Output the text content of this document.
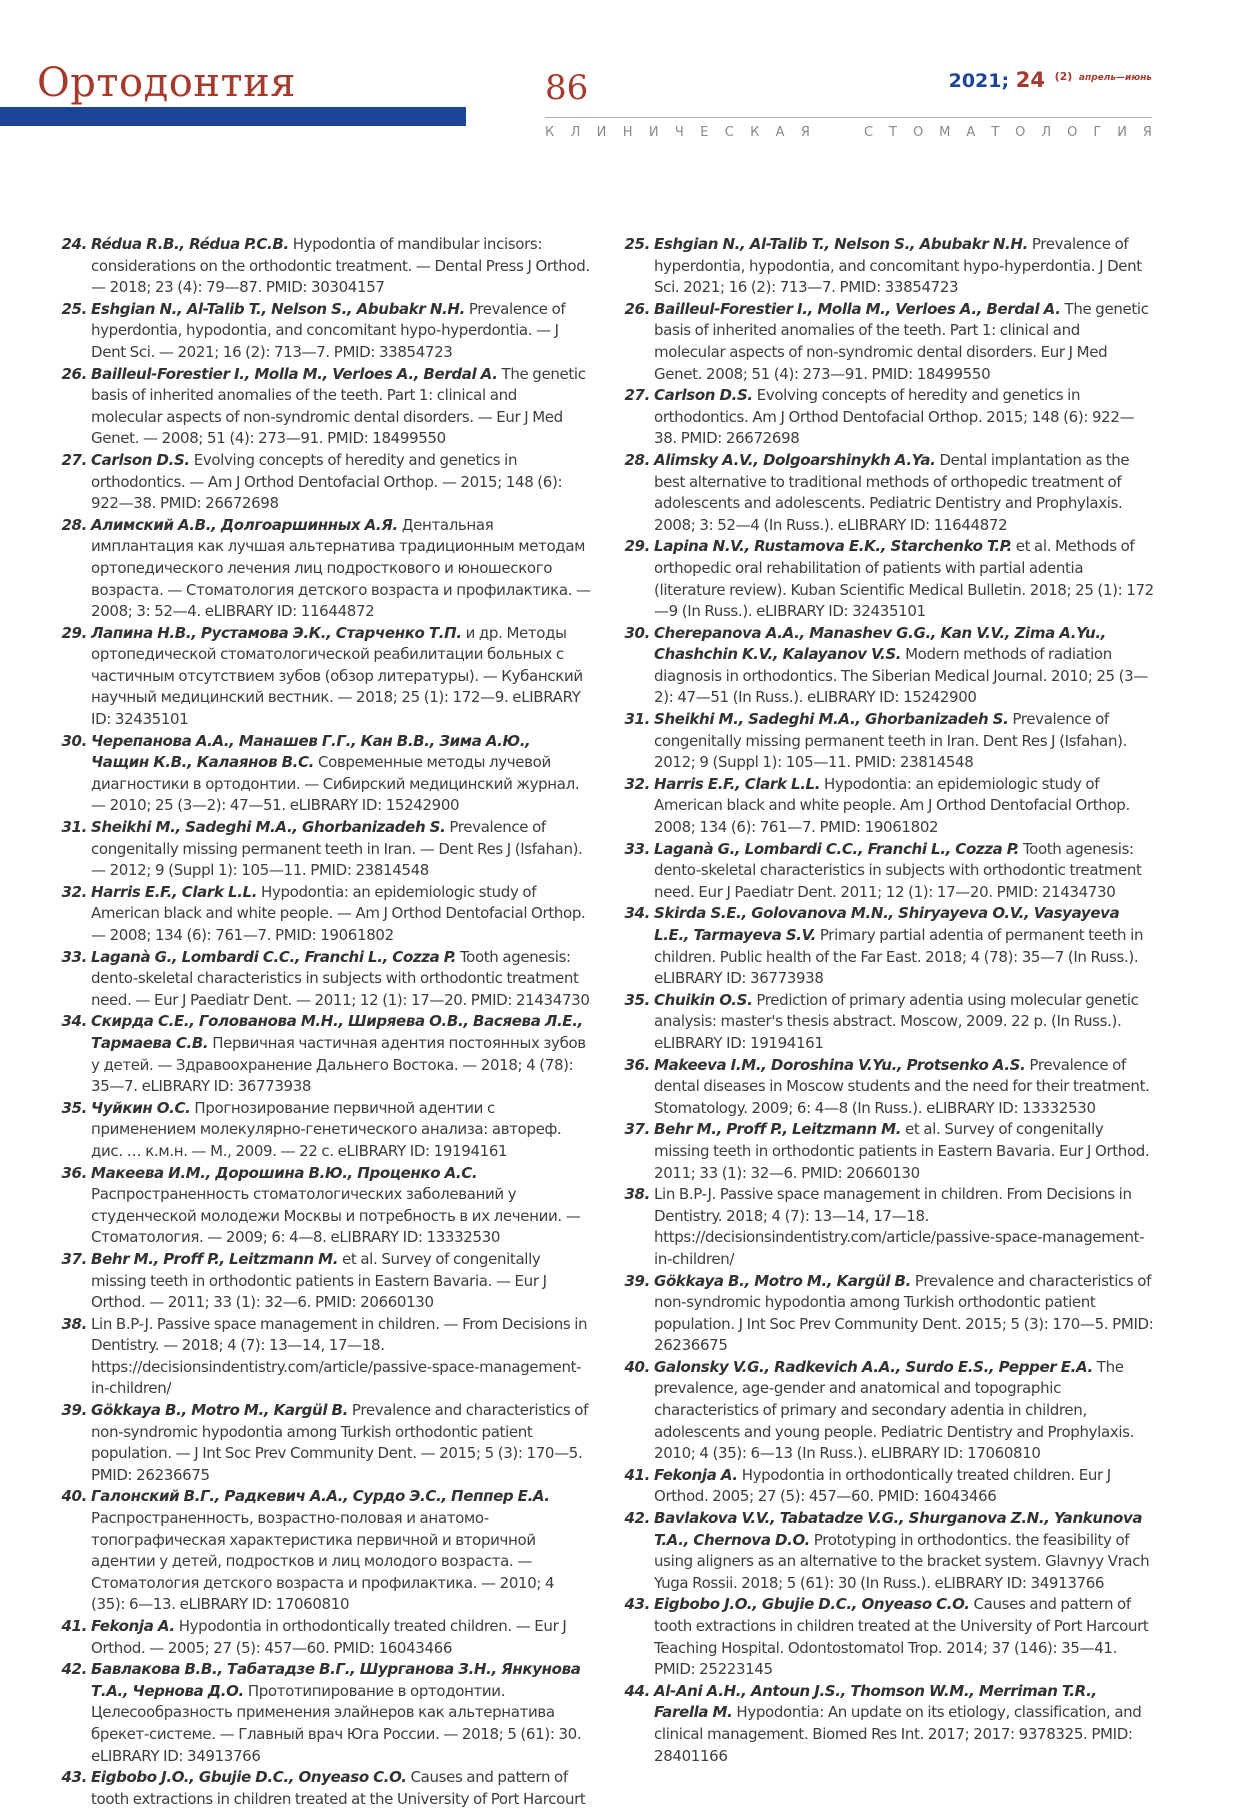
Ортодонтия	86	2021; 24 $^{(2)}$ $^{апрель—июнь}$
К Л И Н И Ч Е С К А Я	С Т О М А Т О Л О Г И Я

24. Rédua R.B., Rédua P.C.B. Hypodontia of mandibular incisors: considerations on the orthodontic treatment. — Dental Press J Orthod. — 2018; 23 (4): 79—87. PMID: 30304157

25. Eshgian N., Al-Talib T., Nelson S., Abubakr N.H. Prevalence of hyperdontia, hypodontia, and concomitant hypo-hyperdontia. — J Dent Sci. — 2021; 16 (2): 713—7. PMID: 33854723

26. Bailleul-Forestier I., Molla M., Verloes A., Berdal A. The genetic basis of inherited anomalies of the teeth. Part 1: clinical and molecular aspects of non-syndromic dental disorders. — Eur J Med Genet. — 2008; 51 (4): 273—91. PMID: 18499550

27. Carlson D.S. Evolving concepts of heredity and genetics in orthodontics. — Am J Orthod Dentofacial Orthop. — 2015; 148 (6): 922—38. PMID: 26672698

28. Алимский А.В., Долгоаршинных А.Я. Дентальная имплантация как лучшая альтернатива традиционным методам ортопедического лечения лиц подросткового и юношеского возраста. — Стоматология детского возраста и профилактика. — 2008; 3: 52—4. eLIBRARY ID: 11644872

29. Лапина Н.В., Рустамова Э.К., Старченко Т.П. и др. Методы ортопедической стоматологической реабилитации больных с частичным отсутствием зубов (обзор литературы). — Кубанский научный медицинский вестник. — 2018; 25 (1): 172—9. eLIBRARY ID: 32435101

30. Черепанова А.А., Манашев Г.Г., Кан В.В., Зима А.Ю., Чащин К.В., Калаянов В.С. Современные методы лучевой диагностики в ортодонтии. — Сибирский медицинский журнал. — 2010; 25 (3—2): 47—51. eLIBRARY ID: 15242900

31. Sheikhi M., Sadeghi M.A., Ghorbanizadeh S. Prevalence of congenitally missing permanent teeth in Iran. — Dent Res J (Isfahan). — 2012; 9 (Suppl 1): 105—11. PMID: 23814548

32. Harris E.F., Clark L.L. Hypodontia: an epidemiologic study of American black and white people. — Am J Orthod Dentofacial Orthop. — 2008; 134 (6): 761—7. PMID: 19061802

33. Laganà G., Lombardi C.C., Franchi L., Cozza P. Tooth agenesis: dento-skeletal characteristics in subjects with orthodontic treatment need. — Eur J Paediatr Dent. — 2011; 12 (1): 17—20. PMID: 21434730

34. Скирда С.Е., Голованова М.Н., Ширяева О.В., Васяева Л.Е., Тармаева С.В. Первичная частичная адентия постоянных зубов у детей. — Здравоохранение Дальнего Востока. — 2018; 4 (78): 35—7. eLIBRARY ID: 36773938

35. Чуйкин О.С. Прогнозирование первичной адентии с применением молекулярно-генетического анализа: автореф. дис. … к.м.н. — М., 2009. — 22 с. eLIBRARY ID: 19194161

36. Макеева И.М., Дорошина В.Ю., Проценко А.С. Распространенность стоматологических заболеваний у студенческой молодежи Москвы и потребность в их лечении. — Стоматология. — 2009; 6: 4—8. eLIBRARY ID: 13332530

37. Behr M., Proff P., Leitzmann M. et al. Survey of congenitally missing teeth in orthodontic patients in Eastern Bavaria. — Eur J Orthod. — 2011; 33 (1): 32—6. PMID: 20660130

38. Lin B.P-J. Passive space management in children. — From Decisions in Dentistry. — 2018; 4 (7): 13—14, 17—18. https://decisionsindentistry.com/article/passive-space-management-in-children/

39. Gökkaya B., Motro M., Kargül B. Prevalence and characteristics of non-syndromic hypodontia among Turkish orthodontic patient population. — J Int Soc Prev Community Dent. — 2015; 5 (3): 170—5. PMID: 26236675

40. Галонский В.Г., Радкевич А.А., Сурдо Э.С., Пеппер Е.А. Распространенность, возрастно-половая и анатомо-топографическая характеристика первичной и вторичной адентии у детей, подростков и лиц молодого возраста. — Стоматология детского возраста и профилактика. — 2010; 4 (35): 6—13. eLIBRARY ID: 17060810

41. Fekonja A. Hypodontia in orthodontically treated children. — Eur J Orthod. — 2005; 27 (5): 457—60. PMID: 16043466

42. Бавлакова В.В., Табатадзе В.Г., Шурганова З.Н., Янкунова Т.А., Чернова Д.О. Прототипирование в ортодонтии. Целесообразность применения элайнеров как альтернатива брекет-системе. — Главный врач Юга России. — 2018; 5 (61): 30. eLIBRARY ID: 34913766

43. Eigbobo J.O., Gbujie D.C., Onyeaso C.O. Causes and pattern of tooth extractions in children treated at the University of Port Harcourt

25. Eshgian N., Al-Talib T., Nelson S., Abubakr N.H. Prevalence of hyperdontia, hypodontia, and concomitant hypo-hyperdontia. J Dent Sci. 2021; 16 (2): 713—7. PMID: 33854723

26. Bailleul-Forestier I., Molla M., Verloes A., Berdal A. The genetic basis of inherited anomalies of the teeth. Part 1: clinical and molecular aspects of non-syndromic dental disorders. Eur J Med Genet. 2008; 51 (4): 273—91. PMID: 18499550

27. Carlson D.S. Evolving concepts of heredity and genetics in orthodontics. Am J Orthod Dentofacial Orthop. 2015; 148 (6): 922—38. PMID: 26672698

28. Alimsky A.V., Dolgoarshinykh A.Ya. Dental implantation as the best alternative to traditional methods of orthopedic treatment of adolescents and adolescents. Pediatric Dentistry and Prophylaxis. 2008; 3: 52—4 (In Russ.). eLIBRARY ID: 11644872

29. Lapina N.V., Rustamova E.K., Starchenko T.P. et al. Methods of orthopedic oral rehabilitation of patients with partial adentia (literature review). Kuban Scientific Medical Bulletin. 2018; 25 (1): 172—9 (In Russ.). eLIBRARY ID: 32435101

30. Cherepanova A.A., Manashev G.G., Kan V.V., Zima A.Yu., Chashchin K.V., Kalayanov V.S. Modern methods of radiation diagnosis in orthodontics. The Siberian Medical Journal. 2010; 25 (3—2): 47—51 (In Russ.). eLIBRARY ID: 15242900

31. Sheikhi M., Sadeghi M.A., Ghorbanizadeh S. Prevalence of congenitally missing permanent teeth in Iran. Dent Res J (Isfahan). 2012; 9 (Suppl 1): 105—11. PMID: 23814548

32. Harris E.F., Clark L.L. Hypodontia: an epidemiologic study of American black and white people. Am J Orthod Dentofacial Orthop. 2008; 134 (6): 761—7. PMID: 19061802

33. Laganà G., Lombardi C.C., Franchi L., Cozza P. Tooth agenesis: dento-skeletal characteristics in subjects with orthodontic treatment need. Eur J Paediatr Dent. 2011; 12 (1): 17—20. PMID: 21434730

34. Skirda S.E., Golovanova M.N., Shiryayeva O.V., Vasyayeva L.E., Tarmayeva S.V. Primary partial adentia of permanent teeth in children. Public health of the Far East. 2018; 4 (78): 35—7 (In Russ.). eLIBRARY ID: 36773938

35. Chuikin O.S. Prediction of primary adentia using molecular genetic analysis: master's thesis abstract. Moscow, 2009. 22 p. (In Russ.). eLIBRARY ID: 19194161

36. Makeeva I.M., Doroshina V.Yu., Protsenko A.S. Prevalence of dental diseases in Moscow students and the need for their treatment. Stomatology. 2009; 6: 4—8 (In Russ.). eLIBRARY ID: 13332530

37. Behr M., Proff P., Leitzmann M. et al. Survey of congenitally missing teeth in orthodontic patients in Eastern Bavaria. Eur J Orthod. 2011; 33 (1): 32—6. PMID: 20660130

38. Lin B.P-J. Passive space management in children. From Decisions in Dentistry. 2018; 4 (7): 13—14, 17—18. https://decisionsindentistry.com/article/passive-space-management-in-children/

39. Gökkaya B., Motro M., Kargül B. Prevalence and characteristics of non-syndromic hypodontia among Turkish orthodontic patient population. J Int Soc Prev Community Dent. 2015; 5 (3): 170—5. PMID: 26236675

40. Galonsky V.G., Radkevich A.A., Surdo E.S., Pepper E.A. The prevalence, age-gender and anatomical and topographic characteristics of primary and secondary adentia in children, adolescents and young people. Pediatric Dentistry and Prophylaxis. 2010; 4 (35): 6—13 (In Russ.). eLIBRARY ID: 17060810

41. Fekonja A. Hypodontia in orthodontically treated children. Eur J Orthod. 2005; 27 (5): 457—60. PMID: 16043466

42. Bavlakova V.V., Tabatadze V.G., Shurganova Z.N., Yankunova T.A., Chernova D.O. Prototyping in orthodontics. the feasibility of using aligners as an alternative to the bracket system. Glavnyy Vrach Yuga Rossii. 2018; 5 (61): 30 (In Russ.). eLIBRARY ID: 34913766

43. Eigbobo J.O., Gbujie D.C., Onyeaso C.O. Causes and pattern of tooth extractions in children treated at the University of Port Harcourt Teaching Hospital. Odontostomatol Trop. 2014; 37 (146): 35—41. PMID: 25223145

44. Al-Ani A.H., Antoun J.S., Thomson W.M., Merriman T.R., Farella M. Hypodontia: An update on its etiology, classification, and clinical management. Biomed Res Int. 2017; 2017: 9378325. PMID: 28401166
